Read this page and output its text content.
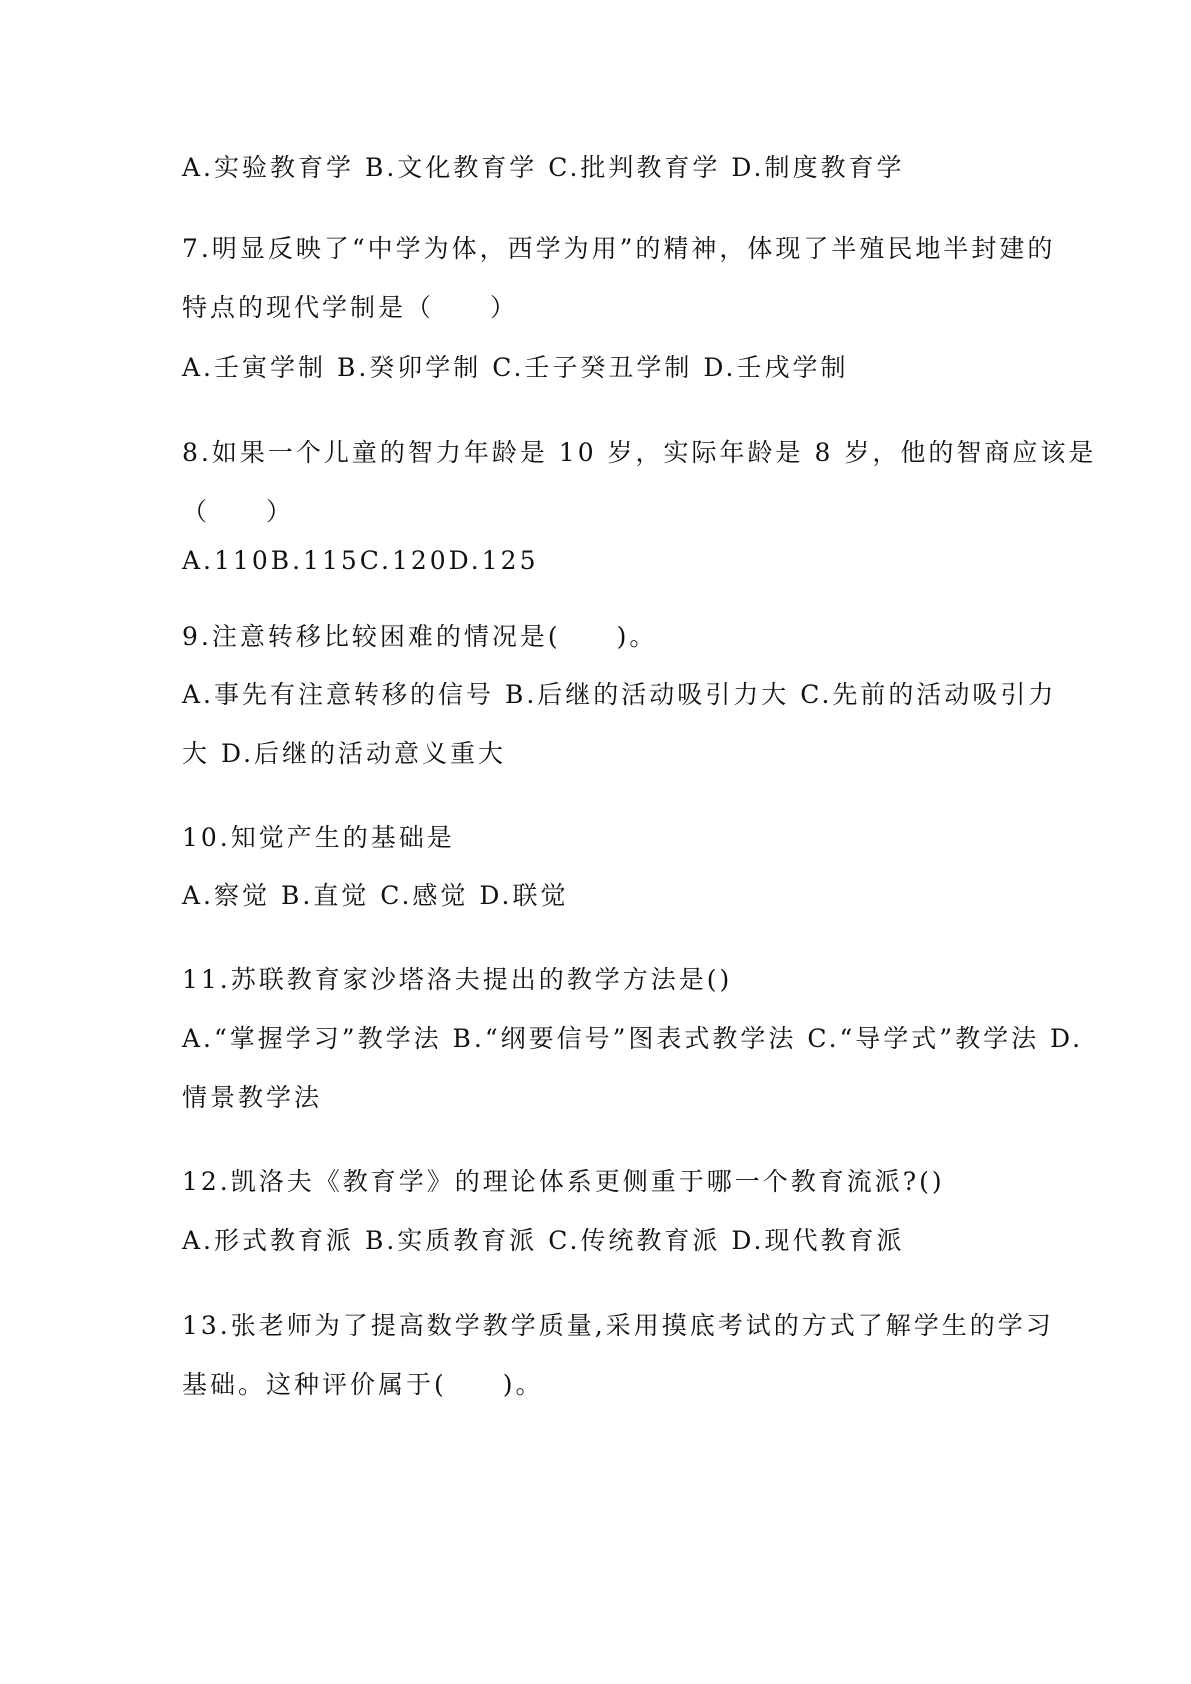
A.实验教育学 B.文化教育学 C.批判教育学 D.制度教育学
7.明显反映了“中学为体，西学为用”的精神，体现了半殖民地半封建的
特点的现代学制是（　　）
A.壬寅学制 B.癸卯学制 C.壬子癸丑学制 D.壬戌学制
8.如果一个儿童的智力年龄是 10 岁，实际年龄是 8 岁，他的智商应该是
（　　）
A.110B.115C.120D.125
9.注意转移比较困难的情况是(　　)。
A.事先有注意转移的信号 B.后继的活动吸引力大 C.先前的活动吸引力
大 D.后继的活动意义重大
10.知觉产生的基础是
A.察觉 B.直觉 C.感觉 D.联觉
11.苏联教育家沙塔洛夫提出的教学方法是()
A.“掌握学习”教学法 B.“纲要信号”图表式教学法 C.“导学式”教学法 D.
情景教学法
12.凯洛夫《教育学》的理论体系更侧重于哪一个教育流派?()
A.形式教育派 B.实质教育派 C.传统教育派 D.现代教育派
13.张老师为了提高数学教学质量,采用摸底考试的方式了解学生的学习
基础。这种评价属于(　　)。
